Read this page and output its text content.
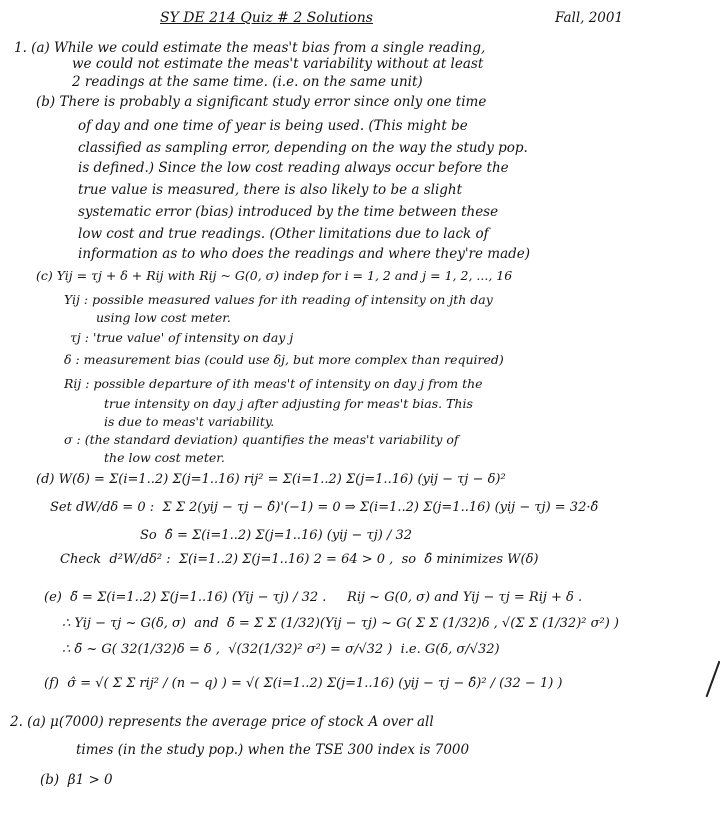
SY DE 214 Quiz # 2 Solutions	Fall, 2001
1. (a) While we could estimate the meas't bias from a single reading,
we could not estimate the meas't variability without at least
2 readings at the same time. (i.e. on the same unit)
(b) There is probably a significant study error since only one time
of day and one time of year is being used. (This might be
classified as sampling error, depending on the way the study pop.
is defined.) Since the low cost reading always occur before the
true value is measured, there is also likely to be a slight
systematic error (bias) introduced by the time between these
low cost and true readings. (Other limitations due to lack of
information as to who does the readings and where they're made)
(c) Yij = τj + δ + Rij with Rij ~ G(0, σ) indep for i = 1, 2 and j = 1, 2, ..., 16
Yij : possible measured values for ith reading of intensity on jth day
using low cost meter.
τj : 'true value' of intensity on day j
δ : measurement bias (could use δj, but more complex than required)
Rij : possible departure of ith meas't of intensity on day j from the
true intensity on day j after adjusting for meas't bias. This
is due to meas't variability.
σ : (the standard deviation) quantifies the meas't variability of
the low cost meter.
(d) W(δ) = Σ(i=1..2) Σ(j=1..16) rij² = Σ(i=1..2) Σ(j=1..16) (yij − τj − δ)²
Set dW/dδ = 0 :  Σ Σ 2(yij − τj − δ̂)'(−1) = 0 ⇒ Σ(i=1..2) Σ(j=1..16) (yij − τj) = 32·δ̂
So  δ̂ = Σ(i=1..2) Σ(j=1..16) (yij − τj) / 32
Check  d²W/dδ² :  Σ(i=1..2) Σ(j=1..16) 2 = 64 > 0 ,  so  δ̂ minimizes W(δ)
(e)  δ̃ = Σ(i=1..2) Σ(j=1..16) (Yij − τj) / 32 .     Rij ~ G(0, σ) and Yij − τj = Rij + δ .
∴ Yij − τj ~ G(δ, σ)  and  δ̃ = Σ Σ (1/32)(Yij − τj) ~ G( Σ Σ (1/32)δ , √(Σ Σ (1/32)² σ²) )
∴ δ̃ ~ G( 32(1/32)δ = δ ,  √(32(1/32)² σ²) = σ/√32 )  i.e. G(δ, σ/√32)
(f)  σ̂ = √( Σ Σ rij² / (n − q) ) = √( Σ(i=1..2) Σ(j=1..16) (yij − τj − δ̂)² / (32 − 1) )
2. (a) μ(7000) represents the average price of stock A over all
times (in the study pop.) when the TSE 300 index is 7000
(b)  β1 > 0
